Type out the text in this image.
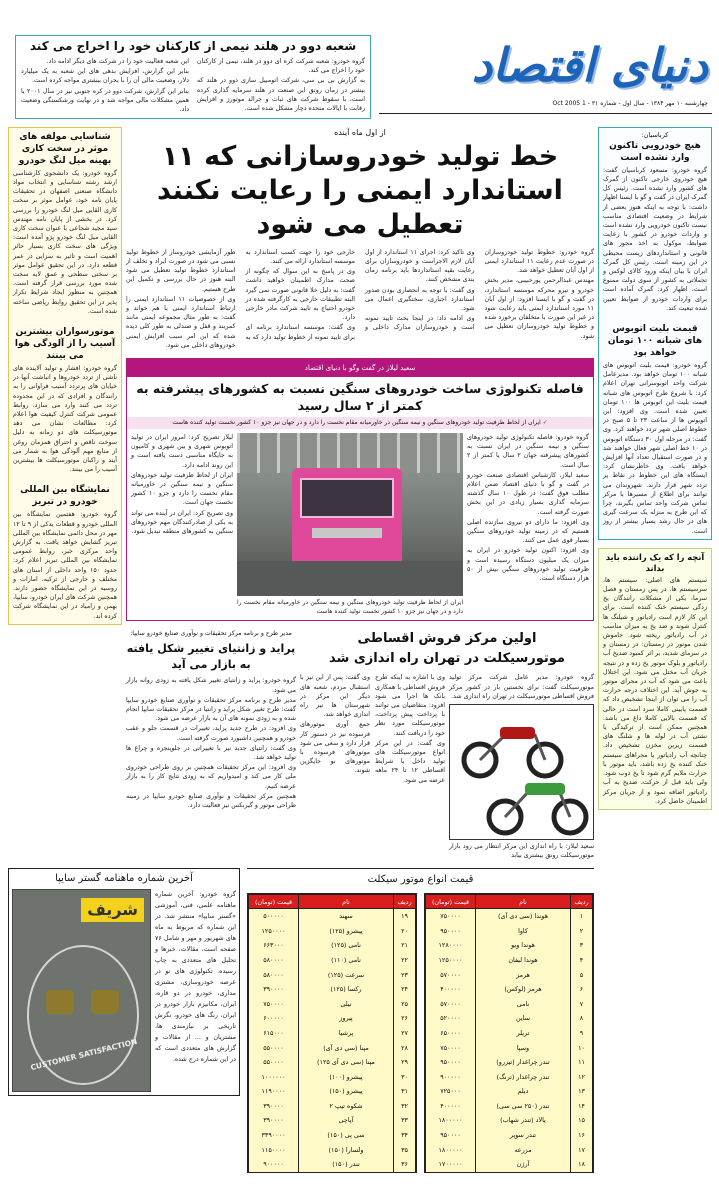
دنیای اقتصاد
چهارشنبه ۱۰ مهر ۱۳۸۴ - سال اول - شماره ۳۱ - 1 Oct 2005
شعبه دوو در هلند نیمی از کارکنان خود را اخراج می کند

گروه خودرو: شعبه شرکت کره ای دوو در هلند، نیمی از کارکنان خود را اخراج می کند.

به گزارش بی بی سی، شرکت اتومبیل سازی دوو در هلند که بیشتر در زمان رونق این صنعت در هلند سرمایه گذاری کرده است، با سقوط شرکت های ثبات و جرالد موتورز و افزایش رقابت با ایالات متحده دچار مشکل شده است.

این شعبه فعالیت خود را در شرکت های دیگر ادامه داد.

بنابر این گزارش، افزایش بدهی های این شعبه به یک میلیارد دلار، وضعیت مالی آن را با بحران بیشتری مواجه کرده است.

بنابر این گزارش، شرکت دوو در کره جنوبی نیز در سال ۲۰۰۱ با همین مشکلات مالی مواجه شد و در نهایت ورشکستگی وضعیت داد.

کرباسیان:
هیچ خودرویی تاکنون وارد نشده است
گروه خودرو: مسعود کرباسیان گفت: هیچ خودروی خارجی تاکنون از گمرک های کشور وارد نشده است. رئیس کل گمرک ایران در گفت و گو با ایسنا اظهار داشت: با توجه به اینکه هنوز بعضی از شرایط در وضعیت اقتصادی مناسب نیست تاکنون خودرویی وارد نشده است و واردات خودرو در کشور با رعایت ضوابط، موکول به اخذ مجوز های قانونی و استانداردهای زیست محیطی در این زمینه است. رئیس کل گمرک ایران با بیان اینکه ورود کالای لوکس و تجملاتی به کشور از سوی دولت ممنوع است، اظهار کرد: گمرک آماده است برای واردات خودرو از ضوابط تعیین شده تبعیت کند.
قیمت بلیت اتوبوس های شبانه ۱۰۰ تومان خواهد بود
گروه خودرو: قیمت بلیت اتوبوس های شبانه ۱۰۰ تومان خواهد بود. مدیرعامل شرکت واحد اتوبوسرانی تهران اعلام کرد: با شروع طرح اتوبوس های شبانه قیمت بلیت این اتوبوس ها ۱۰۰ تومان تعیین شده است. وی افزود: این اتوبوس ها از ساعت ۲۳ تا ۵ صبح در خطوط اصلی شهر تردد خواهند کرد. وی گفت: در مرحله اول ۳۰ دستگاه اتوبوس در ۱۰ خط اصلی شهر فعال خواهند شد و در صورت استقبال تعداد آنها افزایش خواهد یافت. وی خاطرنشان کرد: ایستگاه های این خطوط در نقاط پر تردد شهر قرار دارند. شهروندان می توانند برای اطلاع از مسیرها با مرکز تماس شرکت واحد تماس بگیرند، چرا که این طرح به منزله یک سرعت گیری های در حال رشد بسیار بیشتر از روز است.
آنچه را که یک راننده باید بداند
سیستم های اصلی: سیستم ها، سرسیستم ها. در پس زمستان و فصل سرما، یکی از مشکلات رانندگان یخ زدگی سیستم خنک کننده است. برای این کار لازم است رادیاتور و شیلنگ ها کنترل شوند و ضد یخ به میزان مناسب در آب رادیاتور ریخته شود. خاموش شدن موتور در زمستان: در زمستان و در سرمای شدید، بر اثر کمبود ضدیخ آب رادیاتور و بلوک موتور یخ زده و در نتیجه جریان آب مختل می شود. این اختلال باعث می شود که آب در مجرای موتور به جوش آید. این اختلاف درجه حرارت آب را می توان از اینجا تشخیص داد که قسمت پایینی کاملا سرد است در حالی که قسمت بالایی کاملا داغ می باشد. همچنین ممکن است از ترکیدگی یا نشتی آب در لوله ها و شلنگ های قسمت زیرین مخزن تشخیص داد. چنانچه آب رادیاتور یا مجراهای سیستم خنک کننده یخ زده باشد، باید موتور با حرارت ملایم گرم شود تا یخ ذوب شود. ولی باید قبل از حرکت، ضدیخ به آب رادیاتور اضافه نمود و از جریان مرکز اطمینان حاصل کرد.
از اول ماه آینده
خط تولید خودروسازانی که ۱۱ استاندارد ایمنی را رعایت نکنند تعطیل می شود

گروه خودرو: خطوط تولید خودروسازان در صورت عدم رعایت ۱۱ استاندارد ایمنی از اول آبان تعطیل خواهد شد.

مهندس عبدالرحمن پورحبیبی، مدیر بخش خودرو و نیرو محرکه موسسه استاندارد، در گفت و گو با ایسنا افزود: از اول آبان ۱۱ مورد استاندارد ایمنی باید رعایت شود در غیر این صورت با متخلفان برخورد شده و خطوط تولید خودروسازان تعطیل می شود.

وی تاکید کرد: اجرای ۱۱ استاندارد از اول آبان لازم الاجراست و خودروسازان برای رعایت بقیه استانداردها باید برنامه زمان بندی مشخص کنند.

وی گفت: با توجه به انحصاری بودن صدور استاندارد اجباری، سختگیری اعمال می شود.

وی ادامه داد: در اینجا بحث تایید نمونه است و خودروسازان مدارک داخلی و خارجی خود را جهت کسب استاندارد به موسسه استاندارد ارائه می کنند.

وی در پاسخ به این سوال که چگونه از صحت مدارک اطمینان خواهید داشت گفت: به دلیل خلا قانونی صورت نمی گیرد البته تطبیقات خارجی به کارگرفته شده در خودرو احتیاج به تایید شرکت مادر خارجی دارد.

وی گفت: موسسه استاندارد برنامه ای برای تایید نمونه از خطوط تولید دارد که به طور آزمایشی خودروساز از خطوط تولید نسبی می شود در صورت ایراد و تخلف از استاندارد خطوط تولید تعطیل می شود البته هنوز در حال بررسی و تکمیل این طرح هستیم.

وی از خصوصیات ۱۱ استاندارد ایمنی را ارتباط استاندارد ایمنی با هم خواند و گفت: به طور مثال مجموعه ایمنی مانند کمربند و قفل و صندلی به طور کلی دیده شده که این امر سبب افزایش ایمنی خودروهای داخلی می شود.

سعید لیلاز در گفت وگو با دنیای اقتصاد
فاصله تکنولوژی ساخت خودروهای سنگین نسبت به کشورهای پیشرفته به کمتر از ۲ سال رسید
✓ ایران از لحاظ ظرفیت تولید خودروهای سنگین و نیمه سنگین در خاورمیانه مقام نخست را دارد و در جهان نیز جزو ۱۰ کشور نخست تولید کننده هاست

گروه خودرو: فاصله تکنولوژی تولید خودروهای سنگین و نیمه سنگین در ایران نسبت به کشورهای پیشرفته جهان ۲ سال یا کمتر از ۲ سال است.

سعید لیلاز، کارشناس اقتصادی صنعت خودرو در گفت و گو با دنیای اقتصاد ضمن اعلام مطلب فوق گفت: در طول ۱۰ سال گذشته سرمایه گذاری بسیار زیادی در این بخش صورت گرفته است.

وی افزود: ما دارای دو نیروی سازنده اصلی هستیم که در زمینه تولید خودروهای سنگین بسیار قوی عمل می کنند.

وی افزود: اکنون تولید خودرو در ایران به میزان یک میلیون دستگاه رسیده است و ظرفیت تولید خودروهای سنگین بیش از ۵۰ هزار دستگاه است.

ایران از لحاظ ظرفیت تولید خودروهای سنگین و نیمه سنگین در خاورمیانه مقام نخست را دارد و در جهان نیز جزو ۱۰ کشور نخست تولید کننده هاست

لیلاز تصریح کرد: امروز ایران در تولید اتوبوس شهری و بین شهری و کامیون به جایگاه مناسبی دست یافته است و این روند ادامه دارد.

ایران از لحاظ ظرفیت تولید خودروهای سنگین و نیمه سنگین در خاورمیانه مقام نخست را دارد و جزو ۱۰ کشور نخست جهان است.

وی تصریح کرد: ایران در آینده می تواند به یکی از صادرکنندگان مهم خودروهای سنگین به کشورهای منطقه تبدیل شود.

اولین مرکز فروش اقساطی موتورسیکلت در تهران راه اندازی شد
گروه خودرو: مدیر عامل شرکت مرکز تولید موتورسیکلت گفت: برای نخستین بار در کشور مرکز فروش اقساطی موتورسیکلت در تهران راه اندازی شد.
سعید لیلاز: با راه اندازی این مرکز انتظار می رود بازار موتورسیکلت رونق بیشتری بیابد

وی با اشاره به اینکه طرح فروش اقساطی با همکاری بانک ها اجرا می شود افزود: متقاضیان می توانند با پرداخت پیش پرداخت، موتورسیکلت مورد نظر خود را دریافت کنند.

وی گفت: در این مرکز انواع موتورسیکلت های تولید داخل با شرایط اقساطی ۱۲ تا ۲۴ ماهه عرضه می شود.

وی گفت: پس از این نیز با استقبال مردم، شعبه های دیگر این مرکز در شهرستان ها نیز راه اندازی خواهد شد.

جمع آوری موتورهای فرسوده نیز در دستور کار قرار دارد و سعی می شود موتورهای فرسوده با موتورهای نو جایگزین شوند.

مدیر طرح و برنامه مرکز تحقیقات و نوآوری صنایع خودرو سایپا:
پراید و زانتیای تغییر شکل یافته به بازار می آید

گروه خودرو: پراید و زانتیای تغییر شکل یافته به زودی روانه بازار می شود.

مدیر طرح و برنامه مرکز تحقیقات و نوآوری صنایع خودرو سایپا گفت: طرح تغییر شکل پراید و زانتیا در مرکز تحقیقات سایپا انجام شده و به زودی نمونه های آن به بازار عرضه می شود.

وی افزود: در طرح جدید پراید، تغییرات در قسمت جلو و عقب خودرو و همچنین داشبورد صورت گرفته است.

وی گفت: زانتیای جدید نیز با تغییراتی در جلوپنجره و چراغ ها تولید خواهد شد.

وی افزود: این مرکز تحقیقات همچنین بر روی طراحی خودروی ملی کار می کند و امیدواریم که به زودی نتایج کار را به بازار عرضه کنیم.

همچنین مرکز تحقیقات و نوآوری صنایع خودرو سایپا در زمینه طراحی موتور و گیربکس نیز فعالیت دارد.

شناسایی مولفه های موثر در سخت کاری بهینه میل لنگ خودرو
گروه خودرو: یک دانشجوی کارشناسی ارشد رشته شناسایی و انتخاب مواد دانشگاه صنعتی اصفهان در تحقیقات پایان نامه خود، عوامل موثر بر سخت کاری القایی میل لنگ خودرو را بررسی کرد. در بخشی از پایان نامه مهندس سید مجید شجاعی با عنوان سخت کاری القایی میل لنگ خودرو پژو آمده است: ویژگی های سخت کاری بسیار حائز اهمیت است و تاثیر به سزایی در عمر قطعه دارد. در این تحقیق عوامل موثر بر سختی سطحی و عمق لایه سخت شده مورد بررسی قرار گرفته است. همچنین به منظور ایجاد شرایط تکرار پذیر در این تحقیق روابط ریاضی ساخته شده است.
موتورسواران بیشترین آسیب را از آلودگی هوا می بینند
گروه خودرو: افشار و تولید آلاینده های ناشی از تردد خودروها و انباشت آنها در خیابان های پرتردد آسیب فراوانی را به رانندگان و افرادی که در این محدوده تردد می کنند وارد می سازد. روابط عمومی شرکت کنترل کیفیت هوا اعلام کرد: مطالعات نشان می دهد موتورسیکلت های دو زمانه به دلیل سوخت ناقص و احتراق همزمان روغن از منابع مهم آلودگی هوا به شمار می آیند و راکبان موتورسیکلت ها بیشترین آسیب را می بینند.
نمایشگاه بین المللی خودرو در تبریز
گروه خودرو: هفتمین نمایشگاه بین المللی خودرو و قطعات یدکی از ۹ تا ۱۲ مهر در محل دائمی نمایشگاه بین المللی تبریز گشایش خواهد یافت. به گزارش واحد مرکزی خبر، روابط عمومی نمایشگاه بین المللی تبریز اعلام کرد: حدود ۱۵۰ واحد داخلی از استان های مختلف و خارجی از ترکیه، امارات و روسیه در این نمایشگاه حضور دارند. همچنین شرکت های ایران خودرو، سایپا، بهمن و زامیاد در این نمایشگاه شرکت کرده اند.
قیمت انواع موتور سیکلت
ردیف	نام	قیمت (تومان)
۱	هوندا (سی دی آی)	۷۵۰۰۰۰
۲	کاوا	۹۵۰۰۰۰
۳	هوندا ویو	۱۲۸۰۰۰۰
۴	هوندا لیفان	۱۲۵۰۰۰۰
۵	هرمز	۵۷۰۰۰۰
۶	هرمز (لوکس)	۴۰۰۰۰۰
۷	نامی	۵۷۰۰۰۰
۸	ساین	۵۲۰۰۰۰
۹	تریلر	۶۵۰۰۰۰
۱۰	وسپا	۷۵۰۰۰۰
۱۱	تندر چراغدار (تیزرو)	۹۵۰۰۰۰
۱۲	تندر چراغدار (ترنگ)	۹۰۰۰۰۰
۱۳	دیلم	۷۲۵۰۰۰
۱۴	تندر (۲۵۰ سی سی)	۴۰۰۰۰۰
۱۵	پالاد (تندر شهاب)	۱۸۰۰۰۰۰
۱۶	تندر سوپر	۹۵۰۰۰۰
۱۷	مزرعه	۱۸۰۰۰۰۰
۱۸	آرژن	۱۷۰۰۰۰۰
ردیف	نام	قیمت (تومان)
۱۹	سهند	۵۰۰۰۰۰
۲۰	پیشرو (۱۲۵)	۱۲۵۰۰۰۰
۲۱	نامی (۱۲۵)	۶۶۳۰۰۰
۲۲	نامی (۱۱۰)	۵۸۰۰۰۰
۲۳	سرعت (۱۲۵)	۵۸۰۰۰۰
۲۴	رکسا (۱۲۵)	۳۹۰۰۰۰
۲۵	نیلی	۷۵۰۰۰۰
۲۶	پیروز	۶۰۰۰۰۰
۲۷	پرشیا	۶۱۵۰۰۰
۲۸	مپنا (سی دی آی)	۵۵۰۰۰۰
۲۹	مپنا (سی دی آی ۱۲۵)	۵۵۰۰۰۰
۳۰	پیشرو (۱۰۰)	۱۰۰۰۰۰۰
۳۱	پیشرو (۱۵۰)	۱۱۹۰۰۰۰
۳۲	شکوه تیپ ۲	۳۹۰۰۰۰
۳۳	آپاچی	۳۹۰۰۰۰
۳۴	سی پی (۱۵۰)	۳۳۹۰۰۰۰
۳۵	ولسارا (۱۵۰)	۱۱۵۰۰۰۰
۳۶	تندر (۱۵۰)	۹۰۰۰۰۰
آخرین شماره ماهنامه گستر سایپا
گروه خودرو: آخرین شماره ماهنامه علمی، فنی، آموزشی «گستر سایپا» منتشر شد. در این شماره که مربوط به ماه های شهریور و مهر و شامل ۷۶ صفحه است، مقالات، خبرها و تحلیل های متعددی به چاپ رسیده. تکنولوژی های نو در عرصه خودروسازی، مشتری مداری، خودرو در دو قاره، ایران، مکانیزم بازار خودرو در ایران، رنگ های خودرو، نگرش تاریخی بر نیازمندی ها، مشتریان و ... از مقالات و گزارش های متعددی است که در این شماره درج شده.
شریف
CUSTOMER SATISFACTION
